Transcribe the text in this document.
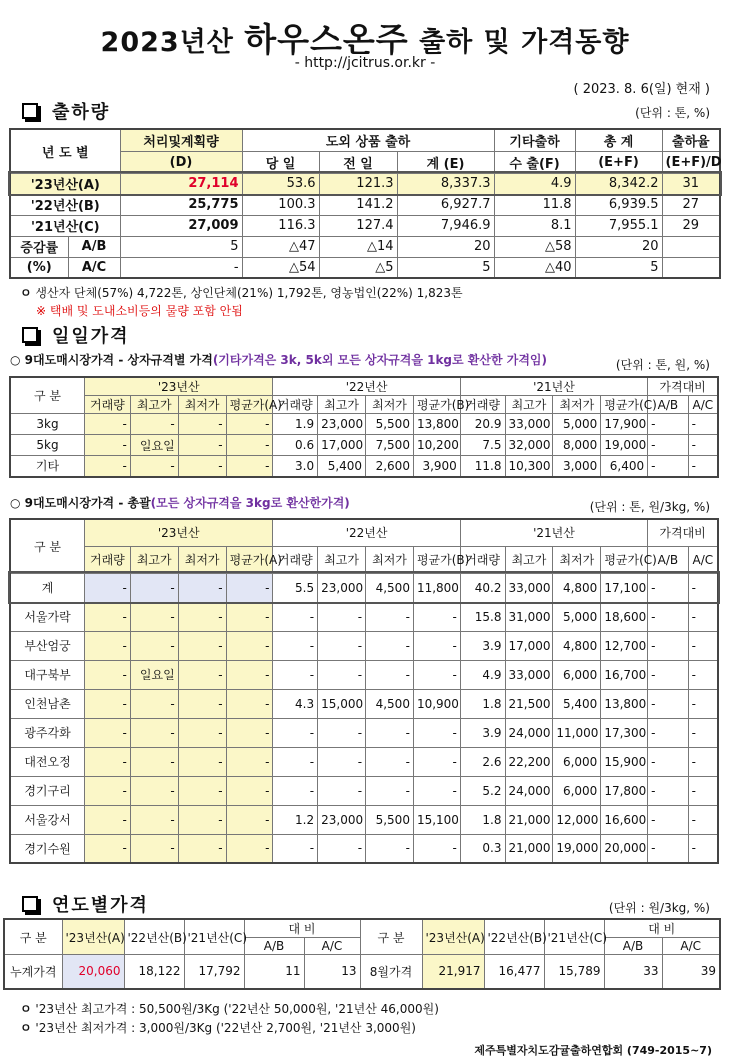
2023년산 하우스온주 출하 및 가격동향
- http://jcitrus.or.kr -
( 2023. 8. 6(일) 현재 )
출하량	(단위 : 톤, %)
년 도 별		처리및계획량	도외 상품 출하			기타출하	총 계	출하율
		(D)	당 일	전 일	계 (E)	수 출(F)	(E+F)	(E+F)/D
'23년산(A)		27,114	53.6	121.3	8,337.3	4.9	8,342.2	31
'22년산(B)		25,775	100.3	141.2	6,927.7	11.8	6,939.5	27
'21년산(C)		27,009	116.3	127.4	7,946.9	8.1	7,955.1	29
증감률	A/B	5	△47	△14	20	△58	20	
(%)	A/C	-	△54	△5	5	△40	5	
ㅇ 생산자 단체(57%) 4,722톤, 상인단체(21%) 1,792톤, 영농법인(22%) 1,823톤
※ 택배 및 도내소비등의 물량 포함 안됨
일일가격
○ 9대도매시장가격 - 상자규격별 가격(기타가격은 3k, 5k외 모든 상자규격을 1kg로 환산한 가격임)	(단위 : 톤, 원, %)
구 분	'23년산				'22년산				'21년산				가격대비	
	거래량	최고가	최저가	평균가(A)	거래량	최고가	최저가	평균가(B)	거래량	최고가	최저가	평균가(C)	A/B	A/C
3kg	-	-	-	-	1.9	23,000	5,500	13,800	20.9	33,000	5,000	17,900	-	-
5kg	-	일요일	-	-	0.6	17,000	7,500	10,200	7.5	32,000	8,000	19,000	-	-
기타	-	-	-	-	3.0	5,400	2,600	3,900	11.8	10,300	3,000	6,400	-	-
○ 9대도매시장가격 - 총괄(모든 상자규격을 3kg로 환산한가격)	(단위 : 톤, 원/3kg, %)
구 분	'23년산				'22년산				'21년산				가격대비	
	거래량	최고가	최저가	평균가(A)	거래량	최고가	최저가	평균가(B)	거래량	최고가	최저가	평균가(C)	A/B	A/C
계	-	-	-	-	5.5	23,000	4,500	11,800	40.2	33,000	4,800	17,100	-	-
서울가락	-	-	-	-	-	-	-	-	15.8	31,000	5,000	18,600	-	-
부산엄궁	-	-	-	-	-	-	-	-	3.9	17,000	4,800	12,700	-	-
대구북부	-	일요일	-	-	-	-	-	-	4.9	33,000	6,000	16,700	-	-
인천남촌	-	-	-	-	4.3	15,000	4,500	10,900	1.8	21,500	5,400	13,800	-	-
광주각화	-	-	-	-	-	-	-	-	3.9	24,000	11,000	17,300	-	-
대전오정	-	-	-	-	-	-	-	-	2.6	22,200	6,000	15,900	-	-
경기구리	-	-	-	-	-	-	-	-	5.2	24,000	6,000	17,800	-	-
서울강서	-	-	-	-	1.2	23,000	5,500	15,100	1.8	21,000	12,000	16,600	-	-
경기수원	-	-	-	-	-	-	-	-	0.3	21,000	19,000	20,000	-	-
연도별가격	(단위 : 원/3kg, %)
구 분	'23년산(A)	'22년산(B)	'21년산(C)	대 비		구 분	'23년산(A)	'22년산(B)	'21년산(C)	대 비	
				A/B	A/C					A/B	A/C
누계가격	20,060	18,122	17,792	11	13	8월가격	21,917	16,477	15,789	33	39
ㅇ '23년산 최고가격 : 50,500원/3Kg ('22년산 50,000원, '21년산 46,000원)
ㅇ '23년산 최저가격 : 3,000원/3Kg ('22년산 2,700원, '21년산 3,000원)
제주특별자치도감귤출하연합회 (749-2015~7)
